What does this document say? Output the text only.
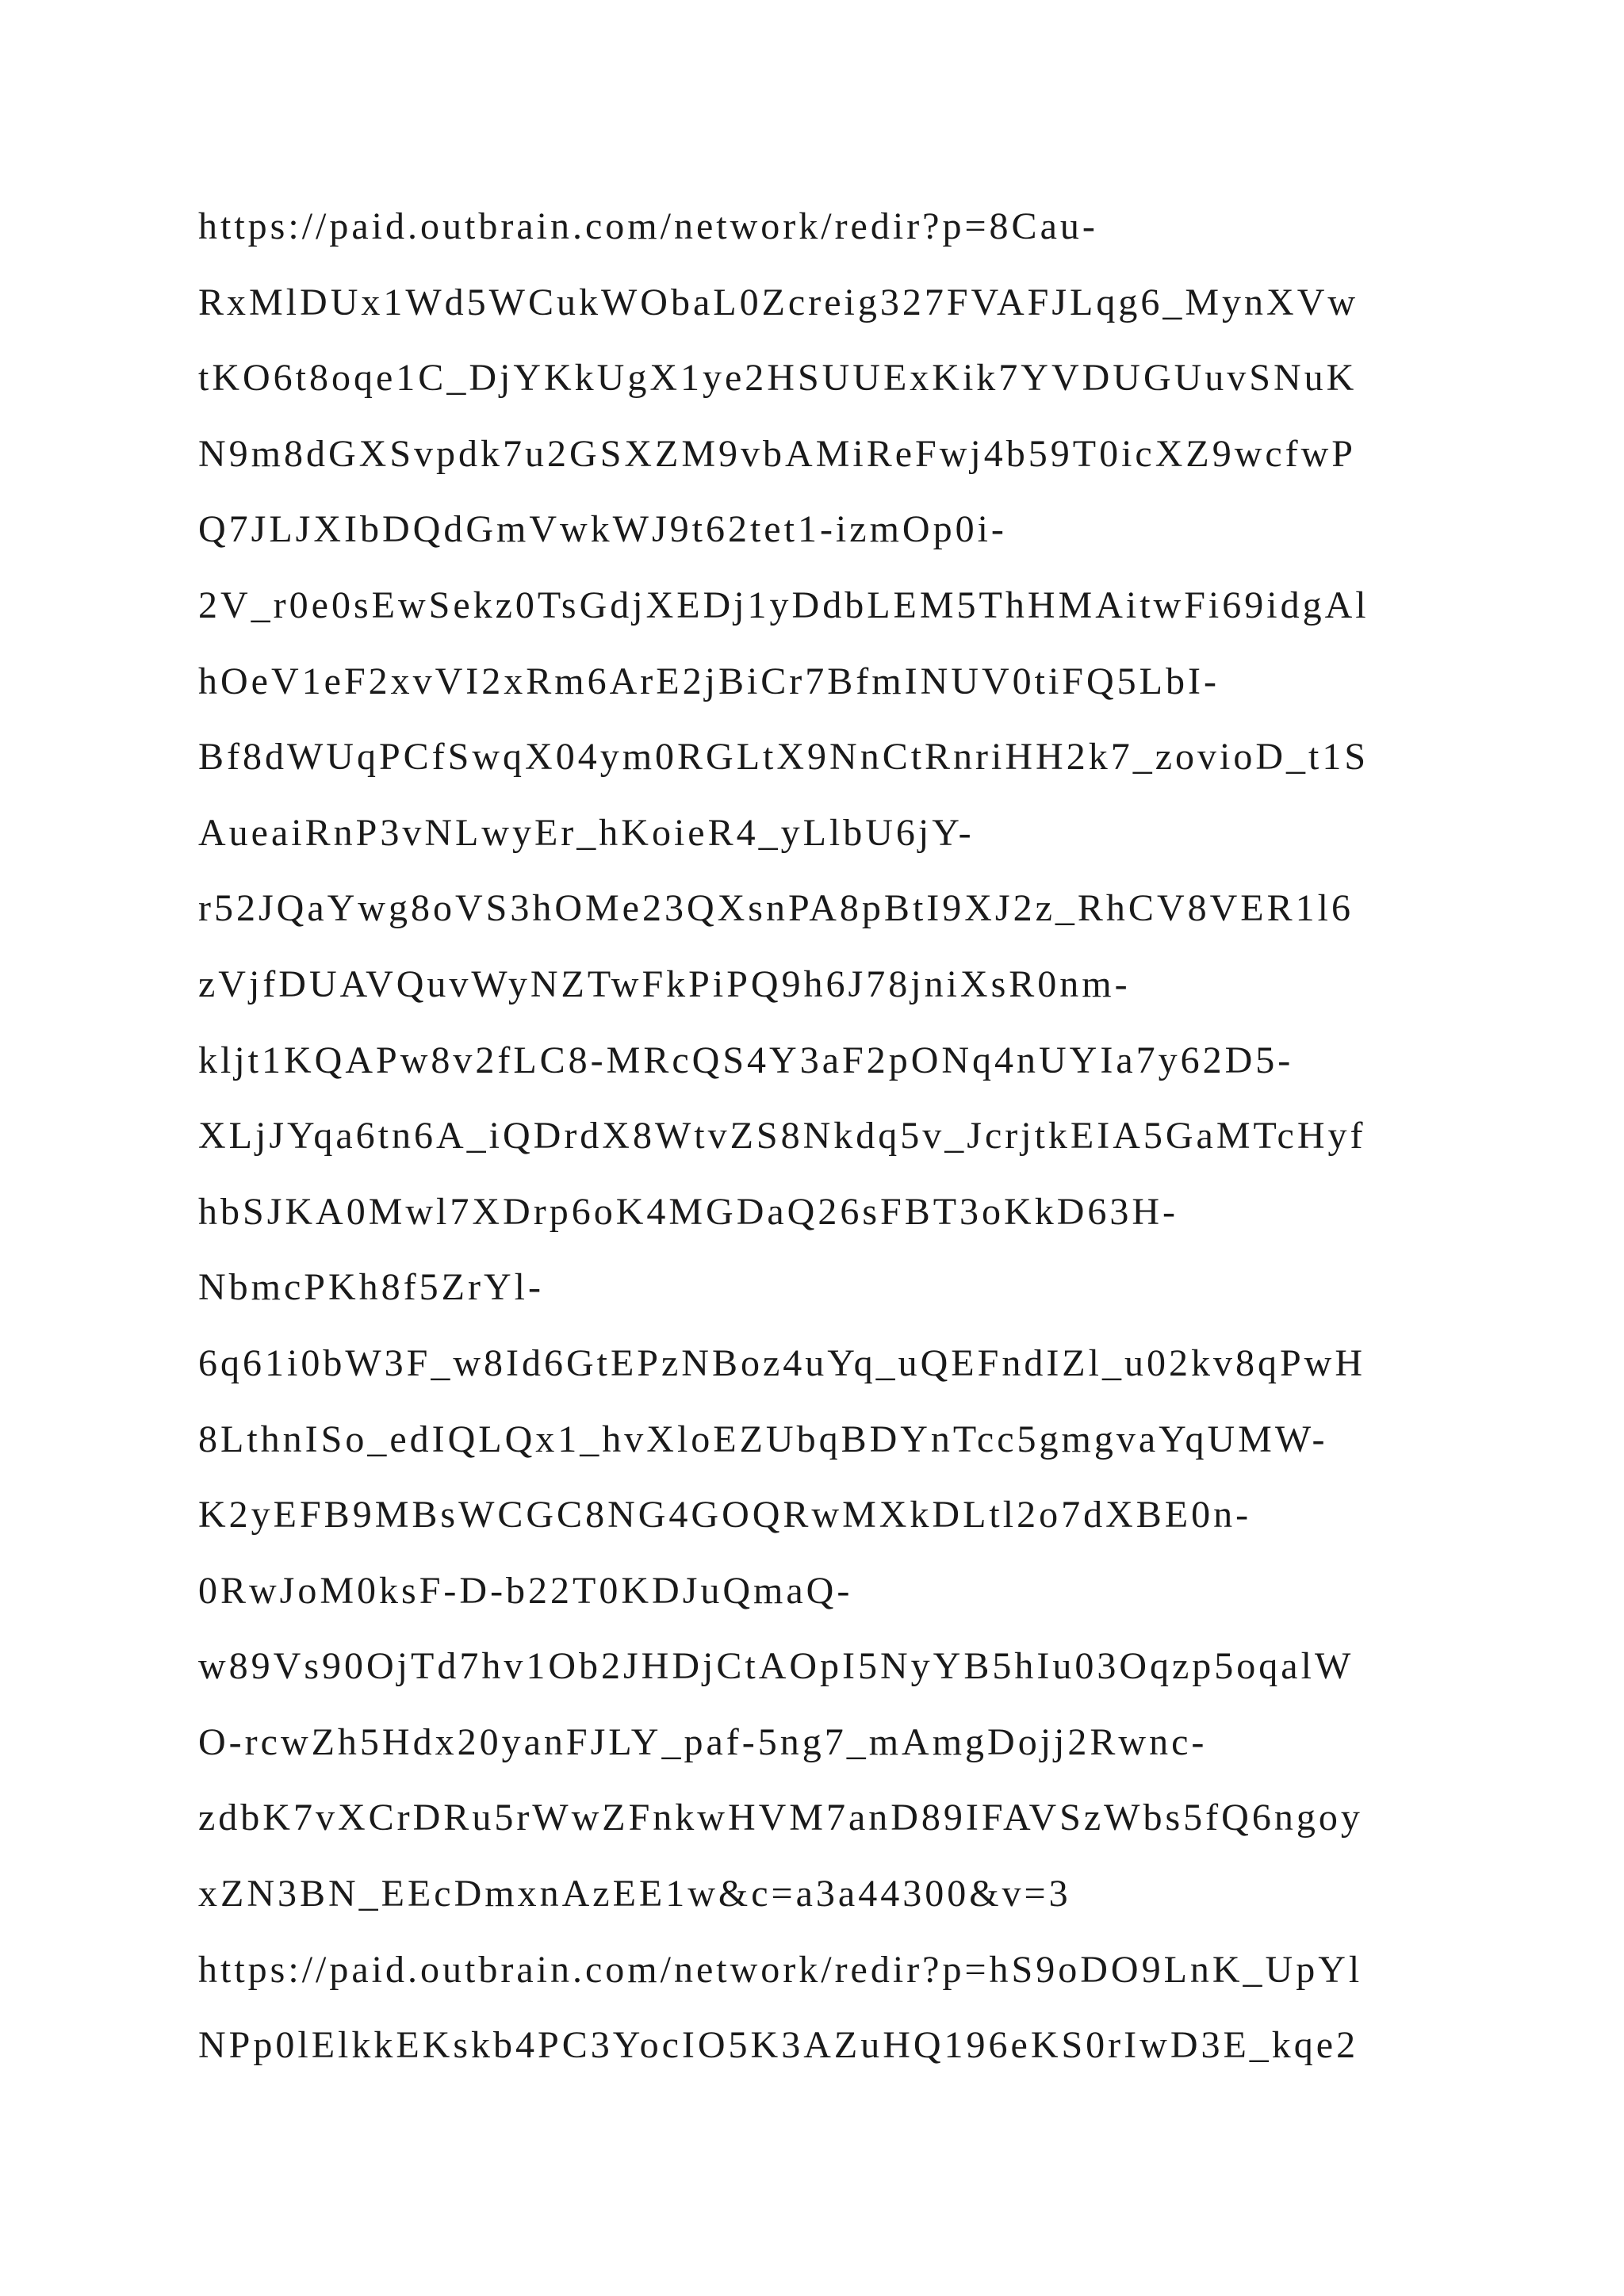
https://paid.outbrain.com/network/redir?p=8Cau-
RxMlDUx1Wd5WCukWObaL0Zcreig327FVAFJLqg6_MynXVw
tKO6t8oqe1C_DjYKkUgX1ye2HSUUExKik7YVDUGUuvSNuK
N9m8dGXSvpdk7u2GSXZM9vbAMiReFwj4b59T0icXZ9wcfwP
Q7JLJXIbDQdGmVwkWJ9t62tet1-izmOp0i-
2V_r0e0sEwSekz0TsGdjXEDj1yDdbLEM5ThHMAitwFi69idgAl
hOeV1eF2xvVI2xRm6ArE2jBiCr7BfmINUV0tiFQ5LbI-
Bf8dWUqPCfSwqX04ym0RGLtX9NnCtRnriHH2k7_zovioD_t1S
AueaiRnP3vNLwyEr_hKoieR4_yLlbU6jY-
r52JQaYwg8oVS3hOMe23QXsnPA8pBtI9XJ2z_RhCV8VER1l6
zVjfDUAVQuvWyNZTwFkPiPQ9h6J78jniXsR0nm-
kljt1KQAPw8v2fLC8-MRcQS4Y3aF2pONq4nUYIa7y62D5-
XLjJYqa6tn6A_iQDrdX8WtvZS8Nkdq5v_JcrjtkEIA5GaMTcHyf
hbSJKA0Mwl7XDrp6oK4MGDaQ26sFBT3oKkD63H-
NbmcPKh8f5ZrYl-
6q61i0bW3F_w8Id6GtEPzNBoz4uYq_uQEFndIZl_u02kv8qPwH
8LthnISo_edIQLQx1_hvXloEZUbqBDYnTcc5gmgvaYqUMW-
K2yEFB9MBsWCGC8NG4GOQRwMXkDLtl2o7dXBE0n-
0RwJoM0ksF-D-b22T0KDJuQmaQ-
w89Vs90OjTd7hv1Ob2JHDjCtAOpI5NyYB5hIu03Oqzp5oqalW
O-rcwZh5Hdx20yanFJLY_paf-5ng7_mAmgDojj2Rwnc-
zdbK7vXCrDRu5rWwZFnkwHVM7anD89IFAVSzWbs5fQ6ngoy
xZN3BN_EEcDmxnAzEE1w&c=a3a44300&v=3
https://paid.outbrain.com/network/redir?p=hS9oDO9LnK_UpYl
NPp0lElkkEKskb4PC3YocIO5K3AZuHQ196eKS0rIwD3E_kqe2
